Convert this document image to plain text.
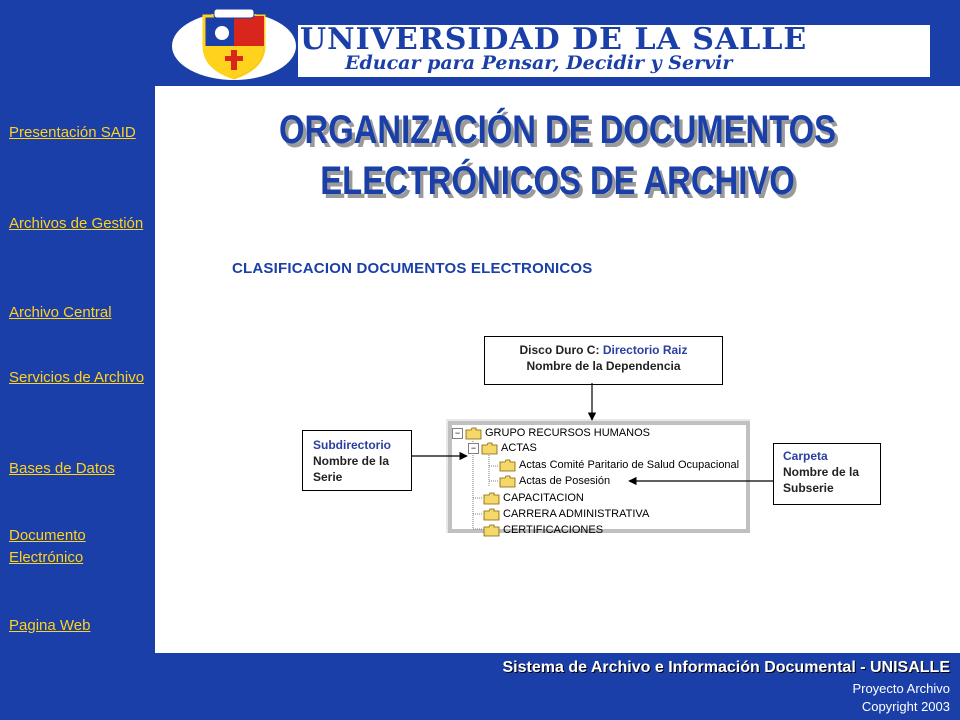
UNIVERSIDAD DE LA SALLE
Educar para Pensar, Decidir y Servir
Presentación SAID
Archivos de Gestión
Archivo Central
Servicios de Archivo
Bases de Datos
Documento Electrónico
Pagina Web
ORGANIZACIÓN DE DOCUMENTOS
ELECTRÓNICOS DE ARCHIVO
CLASIFICACION DOCUMENTOS ELECTRONICOS
Disco Duro C: Directorio Raiz
Nombre de la Dependencia
Subdirectorio
Nombre de la
Serie
Carpeta
Nombre de la
Subserie
− GRUPO RECURSOS HUMANOS
− ACTAS
Actas Comité Paritario de Salud Ocupacional
Actas de Posesión
CAPACITACION
CARRERA ADMINISTRATIVA
CERTIFICACIONES
Sistema de Archivo e Información Documental - UNISALLE
Proyecto Archivo
Copyright 2003
